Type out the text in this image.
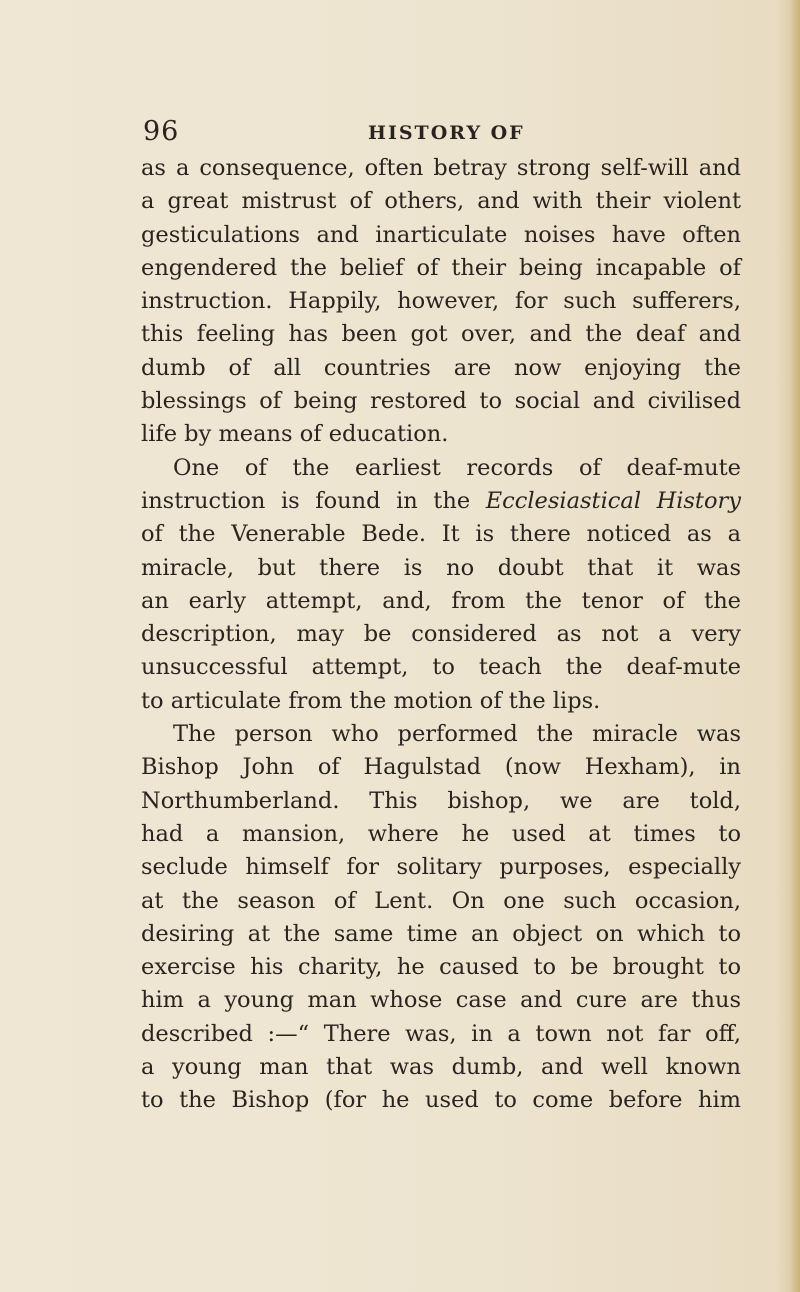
96	HISTORY OF
as a consequence, often betray strong self-will and
a great mistrust of others, and with their violent
gesticulations and inarticulate noises have often
engendered the belief of their being incapable of
instruction. Happily, however, for such sufferers,
this feeling has been got over, and the deaf and
dumb of all countries are now enjoying the
blessings of being restored to social and civilised
life by means of education.
One of the earliest records of deaf-mute
instruction is found in the Ecclesiastical History
of the Venerable Bede. It is there noticed as a
miracle, but there is no doubt that it was
an early attempt, and, from the tenor of the
description, may be considered as not a very
unsuccessful attempt, to teach the deaf-mute
to articulate from the motion of the lips.
The person who performed the miracle was
Bishop John of Hagulstad (now Hexham), in
Northumberland. This bishop, we are told,
had a mansion, where he used at times to
seclude himself for solitary purposes, especially
at the season of Lent. On one such occasion,
desiring at the same time an object on which to
exercise his charity, he caused to be brought to
him a young man whose case and cure are thus
described :—“ There was, in a town not far off,
a young man that was dumb, and well known
to the Bishop (for he used to come before him
